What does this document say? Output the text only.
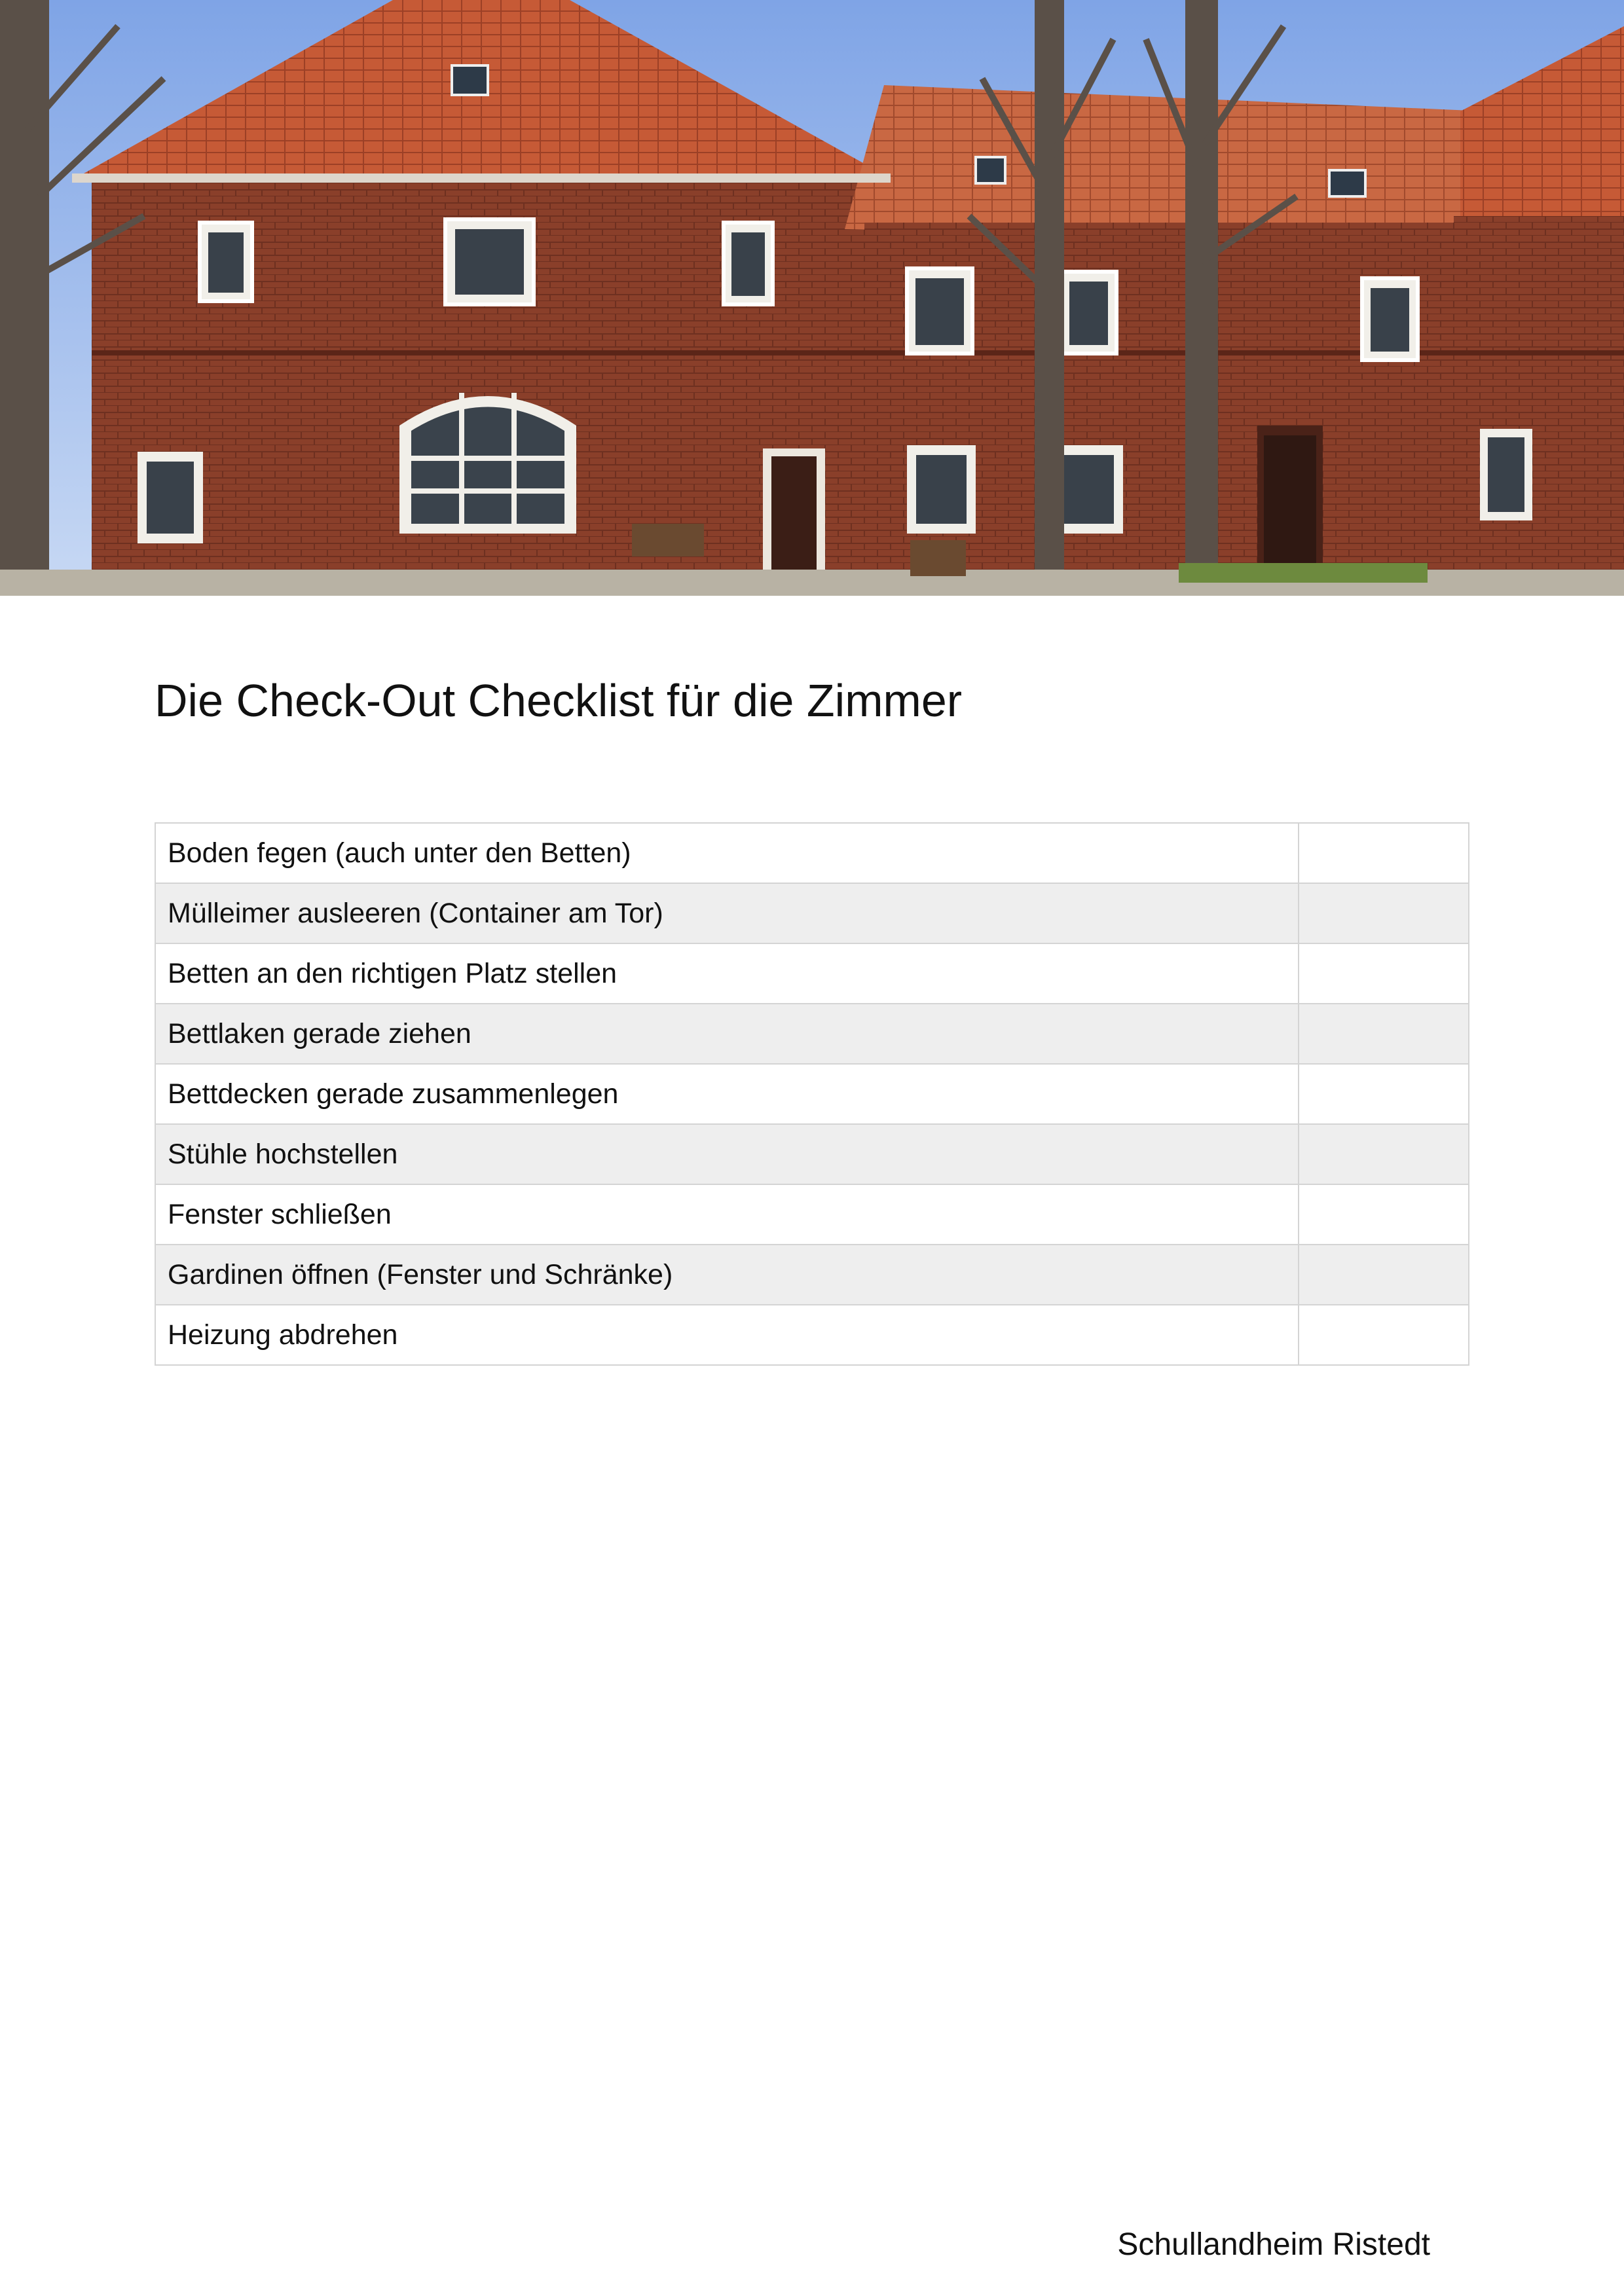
Die Check-Out Checklist für die Zimmer
Boden fegen (auch unter den Betten)	
Mülleimer ausleeren (Container am Tor)	
Betten an den richtigen Platz stellen	
Bettlaken gerade ziehen	
Bettdecken gerade zusammenlegen	
Stühle hochstellen	
Fenster schließen	
Gardinen öffnen (Fenster und Schränke)	
Heizung abdrehen	
Schullandheim Ristedt
